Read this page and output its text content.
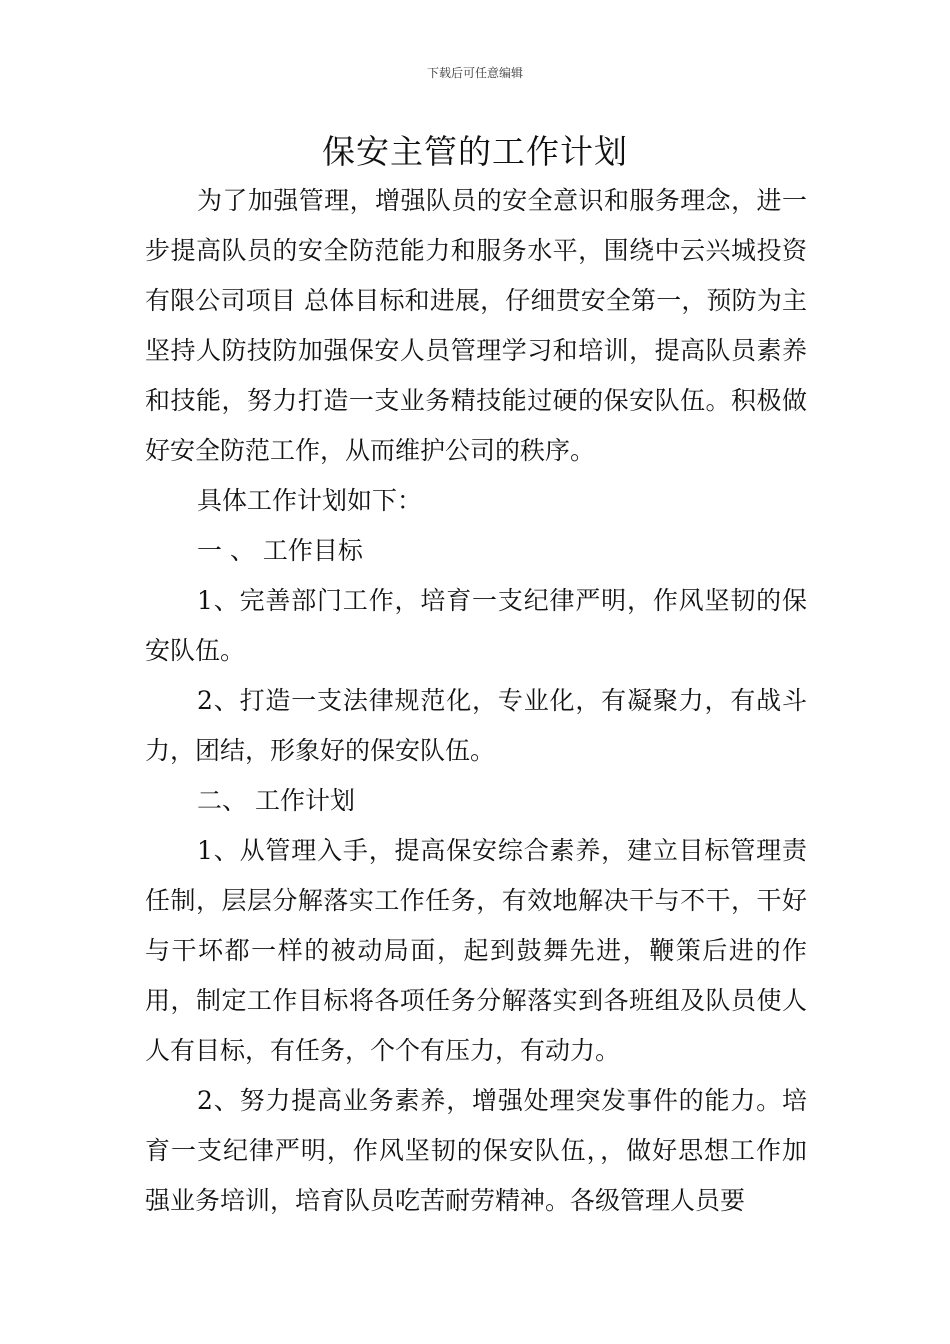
下载后可任意编辑
保安主管的工作计划

为了加强管理，增强队员的安全意识和服务理念，进一步提高队员的安全防范能力和服务水平，围绕中云兴城投资有限公司项目 总体目标和进展，仔细贯安全第一，预防为主坚持人防技防加强保安人员管理学习和培训，提高队员素养和技能，努力打造一支业务精技能过硬的保安队伍。积极做好安全防范工作，从而维护公司的秩序。

具体工作计划如下：

一 、 工作目标

1、完善部门工作，培育一支纪律严明，作风坚韧的保安队伍。

2、打造一支法律规范化，专业化，有凝聚力，有战斗力，团结，形象好的保安队伍。

二、 工作计划

1、从管理入手，提高保安综合素养，建立目标管理责任制，层层分解落实工作任务，有效地解决干与不干，干好与干坏都一样的被动局面，起到鼓舞先进，鞭策后进的作用，制定工作目标将各项任务分解落实到各班组及队员使人人有目标，有任务，个个有压力，有动力。

2、努力提高业务素养，增强处理突发事件的能力。培育一支纪律严明，作风坚韧的保安队伍，，做好思想工作加强业务培训，培育队员吃苦耐劳精神。各级管理人员要
